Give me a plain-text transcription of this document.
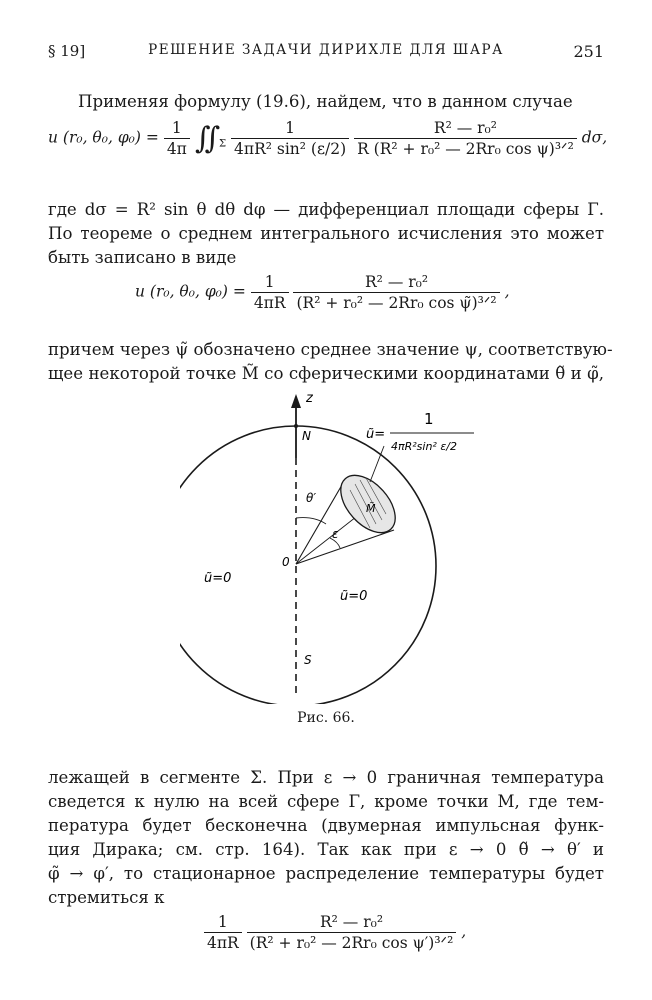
§ 19]	РЕШЕНИЕ ЗАДАЧИ ДИРИХЛЕ ДЛЯ ШАРА	251
Применяя формулу (19.6), найдем, что в данном случае
u (r₀, θ₀, $\varphi_0) = \frac{1}{4\pi}$ ∫∫ $_\Sigma \frac{1}{\text{4πR² sin² (ε/2)}}$
$\frac{\text{R² — r₀²}}{\text{R (R² + r₀² — 2Rr₀ cos ψ)³ᐟ²}} d\sigma$,
где dσ = R² sin θ dθ dφ — дифференциал площади сферы Γ.
По теореме о среднем интегрального исчисления это может
быть записано в виде
u (r₀, θ₀, $\varphi_0) = \frac{1}{4\pi R}$
$\frac{\text{R² — r₀²}}{\text{(R² + r₀² — 2Rr₀ cos ψ̃)³ᐟ²}}$ ,
причем через ψ̃ обозначено среднее значение ψ, соответствую-
щее некоторой точке M̃ со сферическими координатами θ̃ и φ̃,
z
N
S
0
θ′
ε
M̃
ũ=0
ũ=0
ũ=
1
4πR²sin² ε/2
Рис. 66.
лежащей в сегменте Σ. При ε → 0 граничная температура
сведется к нулю на всей сфере Γ, кроме точки M, где тем-
пература будет бесконечна (двумерная импульсная функ-
ция Дирака; см. стр. 164). Так как при ε → 0 θ̃ → θ′ и
φ̃ → φ′, то стационарное распределение температуры будет
стремиться к
$\frac{1}{4\pi R}$
$\frac{\text{R² — r₀²}}{\text{(R² + r₀² — 2Rr₀ cos ψ′)³ᐟ²}}$ ,
